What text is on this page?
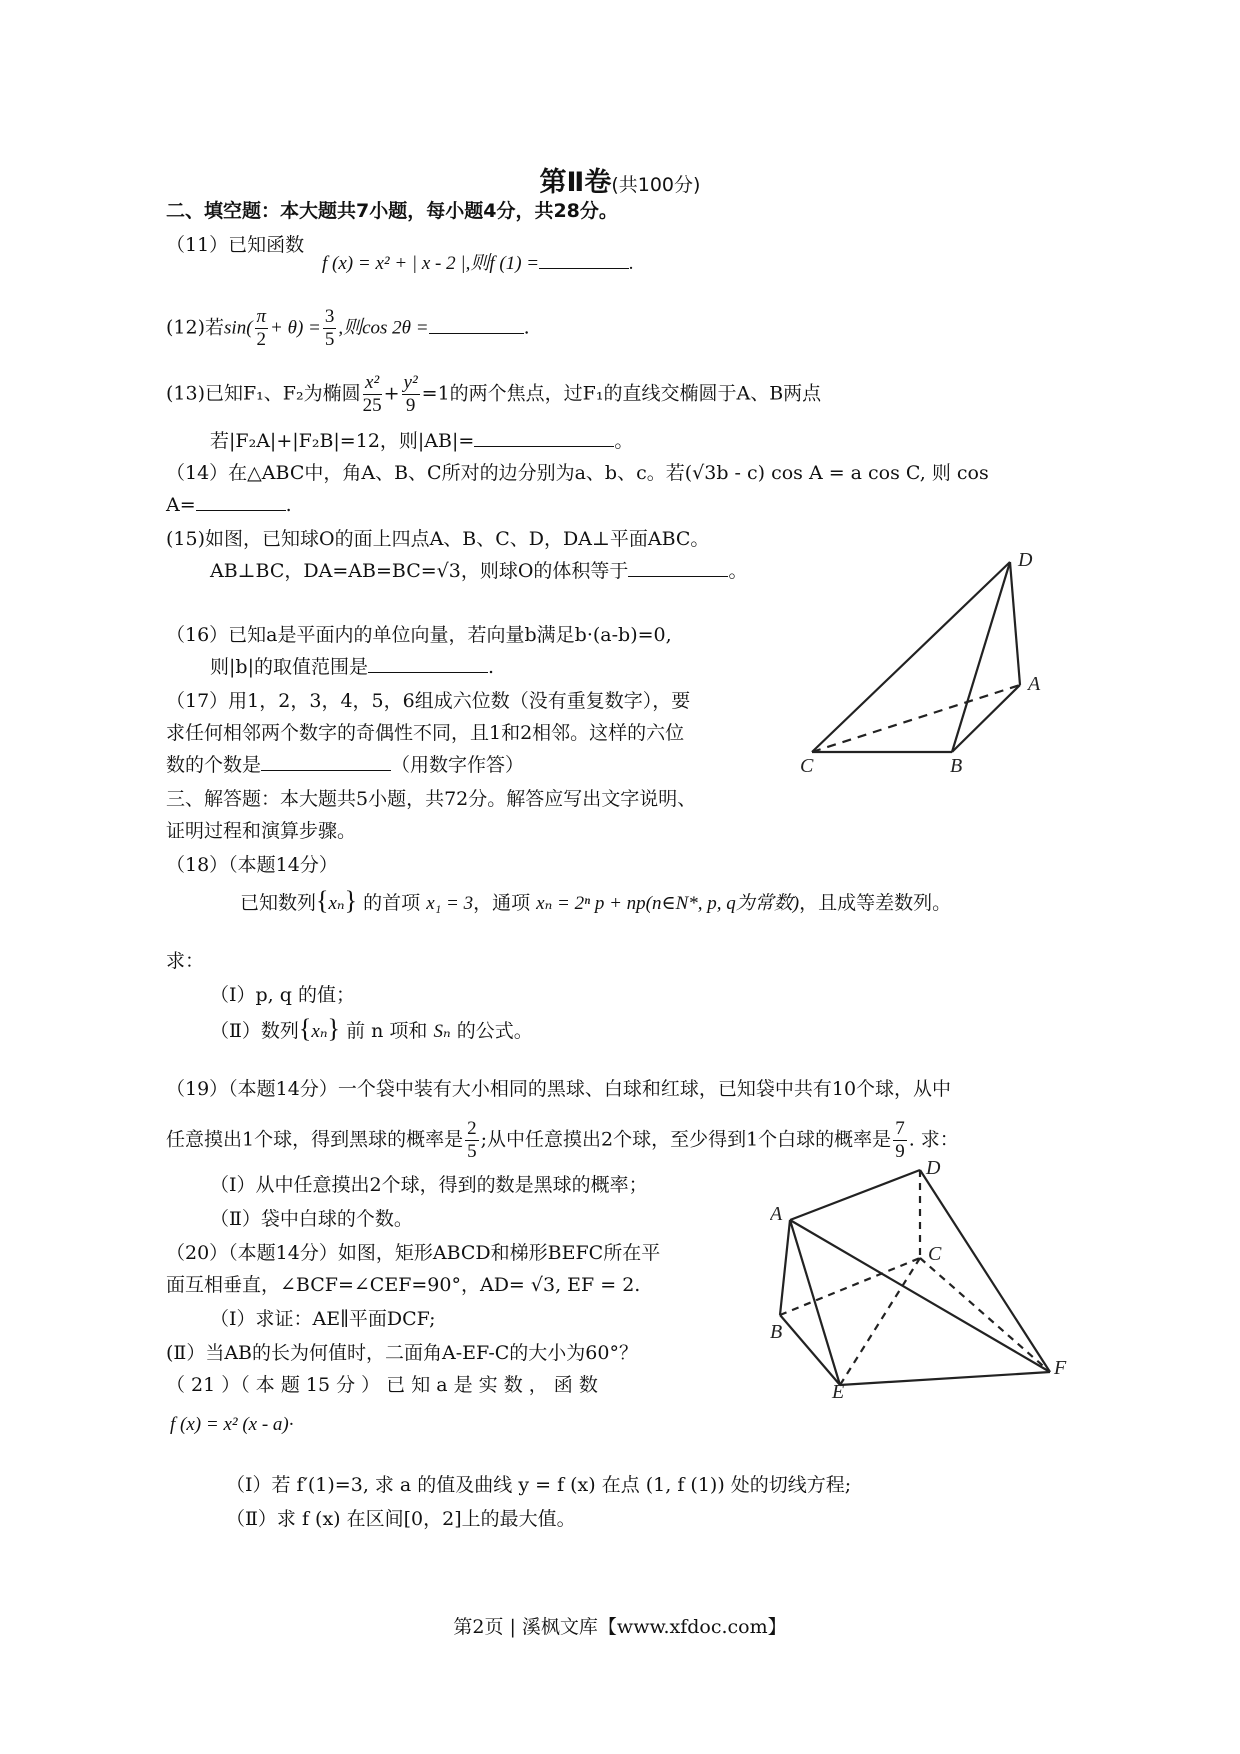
第Ⅱ卷(共100分)
二、填空题：本大题共7小题，每小题4分，共28分。
（11）已知函数
f (x) = x² + | x - 2 |,则f (1) =	.
(12)若$\sin( \frac{\pi}{2} + \theta) = \frac{3}{5}$ ,则cos 2θ =	.
(13)已知F₁、F₂为椭圆 $\frac{\text{x²}}{25} + \frac{\text{y²}}{9} =1$的两个焦点，过F₁的直线交椭圆于A、B两点
若|F₂A|+|F₂B|=12，则|AB|=	。
（14）在△ABC中，角A、B、C所对的边分别为a、b、c。若(√3b - c) cos A = a cos C, 则 cos
A=	.
(15)如图，已知球O的面上四点A、B、C、D，DA⊥平面ABC。
AB⊥BC，DA=AB=BC=√3，则球O的体积等于	。
（16）已知a是平面内的单位向量，若向量b满足b·(a-b)=0,
则|b|的取值范围是	.
（17）用1，2，3，4，5，6组成六位数（没有重复数字），要
求任何相邻两个数字的奇偶性不同，且1和2相邻。这样的六位
数的个数是	（用数字作答）
三、解答题：本大题共5小题，共72分。解答应写出文字说明、
证明过程和演算步骤。
（18）（本题14分）
已知数列{xₙ} 的首项 x₁ = 3，通项 xₙ = 2ⁿ p + np(n∈N*, p, q为常数)，且成等差数列。
求：
（Ⅰ）p, q 的值；
（Ⅱ）数列{xₙ} 前 n 项和 Sₙ 的公式。
（19）（本题14分）一个袋中装有大小相同的黑球、白球和红球，已知袋中共有10个球，从中
任意摸出1个球，得到黑球的概率是 $\frac{2}{5}$ ;从中任意摸出2个球，至少得到1个白球的概率是 $\frac{7}{9}$ . 求：
（Ⅰ）从中任意摸出2个球，得到的数是黑球的概率；
（Ⅱ）袋中白球的个数。
（20）（本题14分）如图，矩形ABCD和梯形BEFC所在平
面互相垂直，∠BCF=∠CEF=90°，AD= √3, EF = 2.
（Ⅰ）求证：AE∥平面DCF;
(Ⅱ）当AB的长为何值时，二面角A-EF-C的大小为60°？
（ 21 ）（ 本 题 15 分 ） 已 知 a 是 实 数 ， 函 数
f (x) = x² (x - a)·
（Ⅰ）若 f′(1)=3, 求 a 的值及曲线 y = f (x) 在点 (1, f (1)) 处的切线方程;
（Ⅱ）求 f (x) 在区间[0，2]上的最大值。
D
A
B
C
A
B
C
D
E
F
第2页 | 溪枫文库【www.xfdoc.com】
